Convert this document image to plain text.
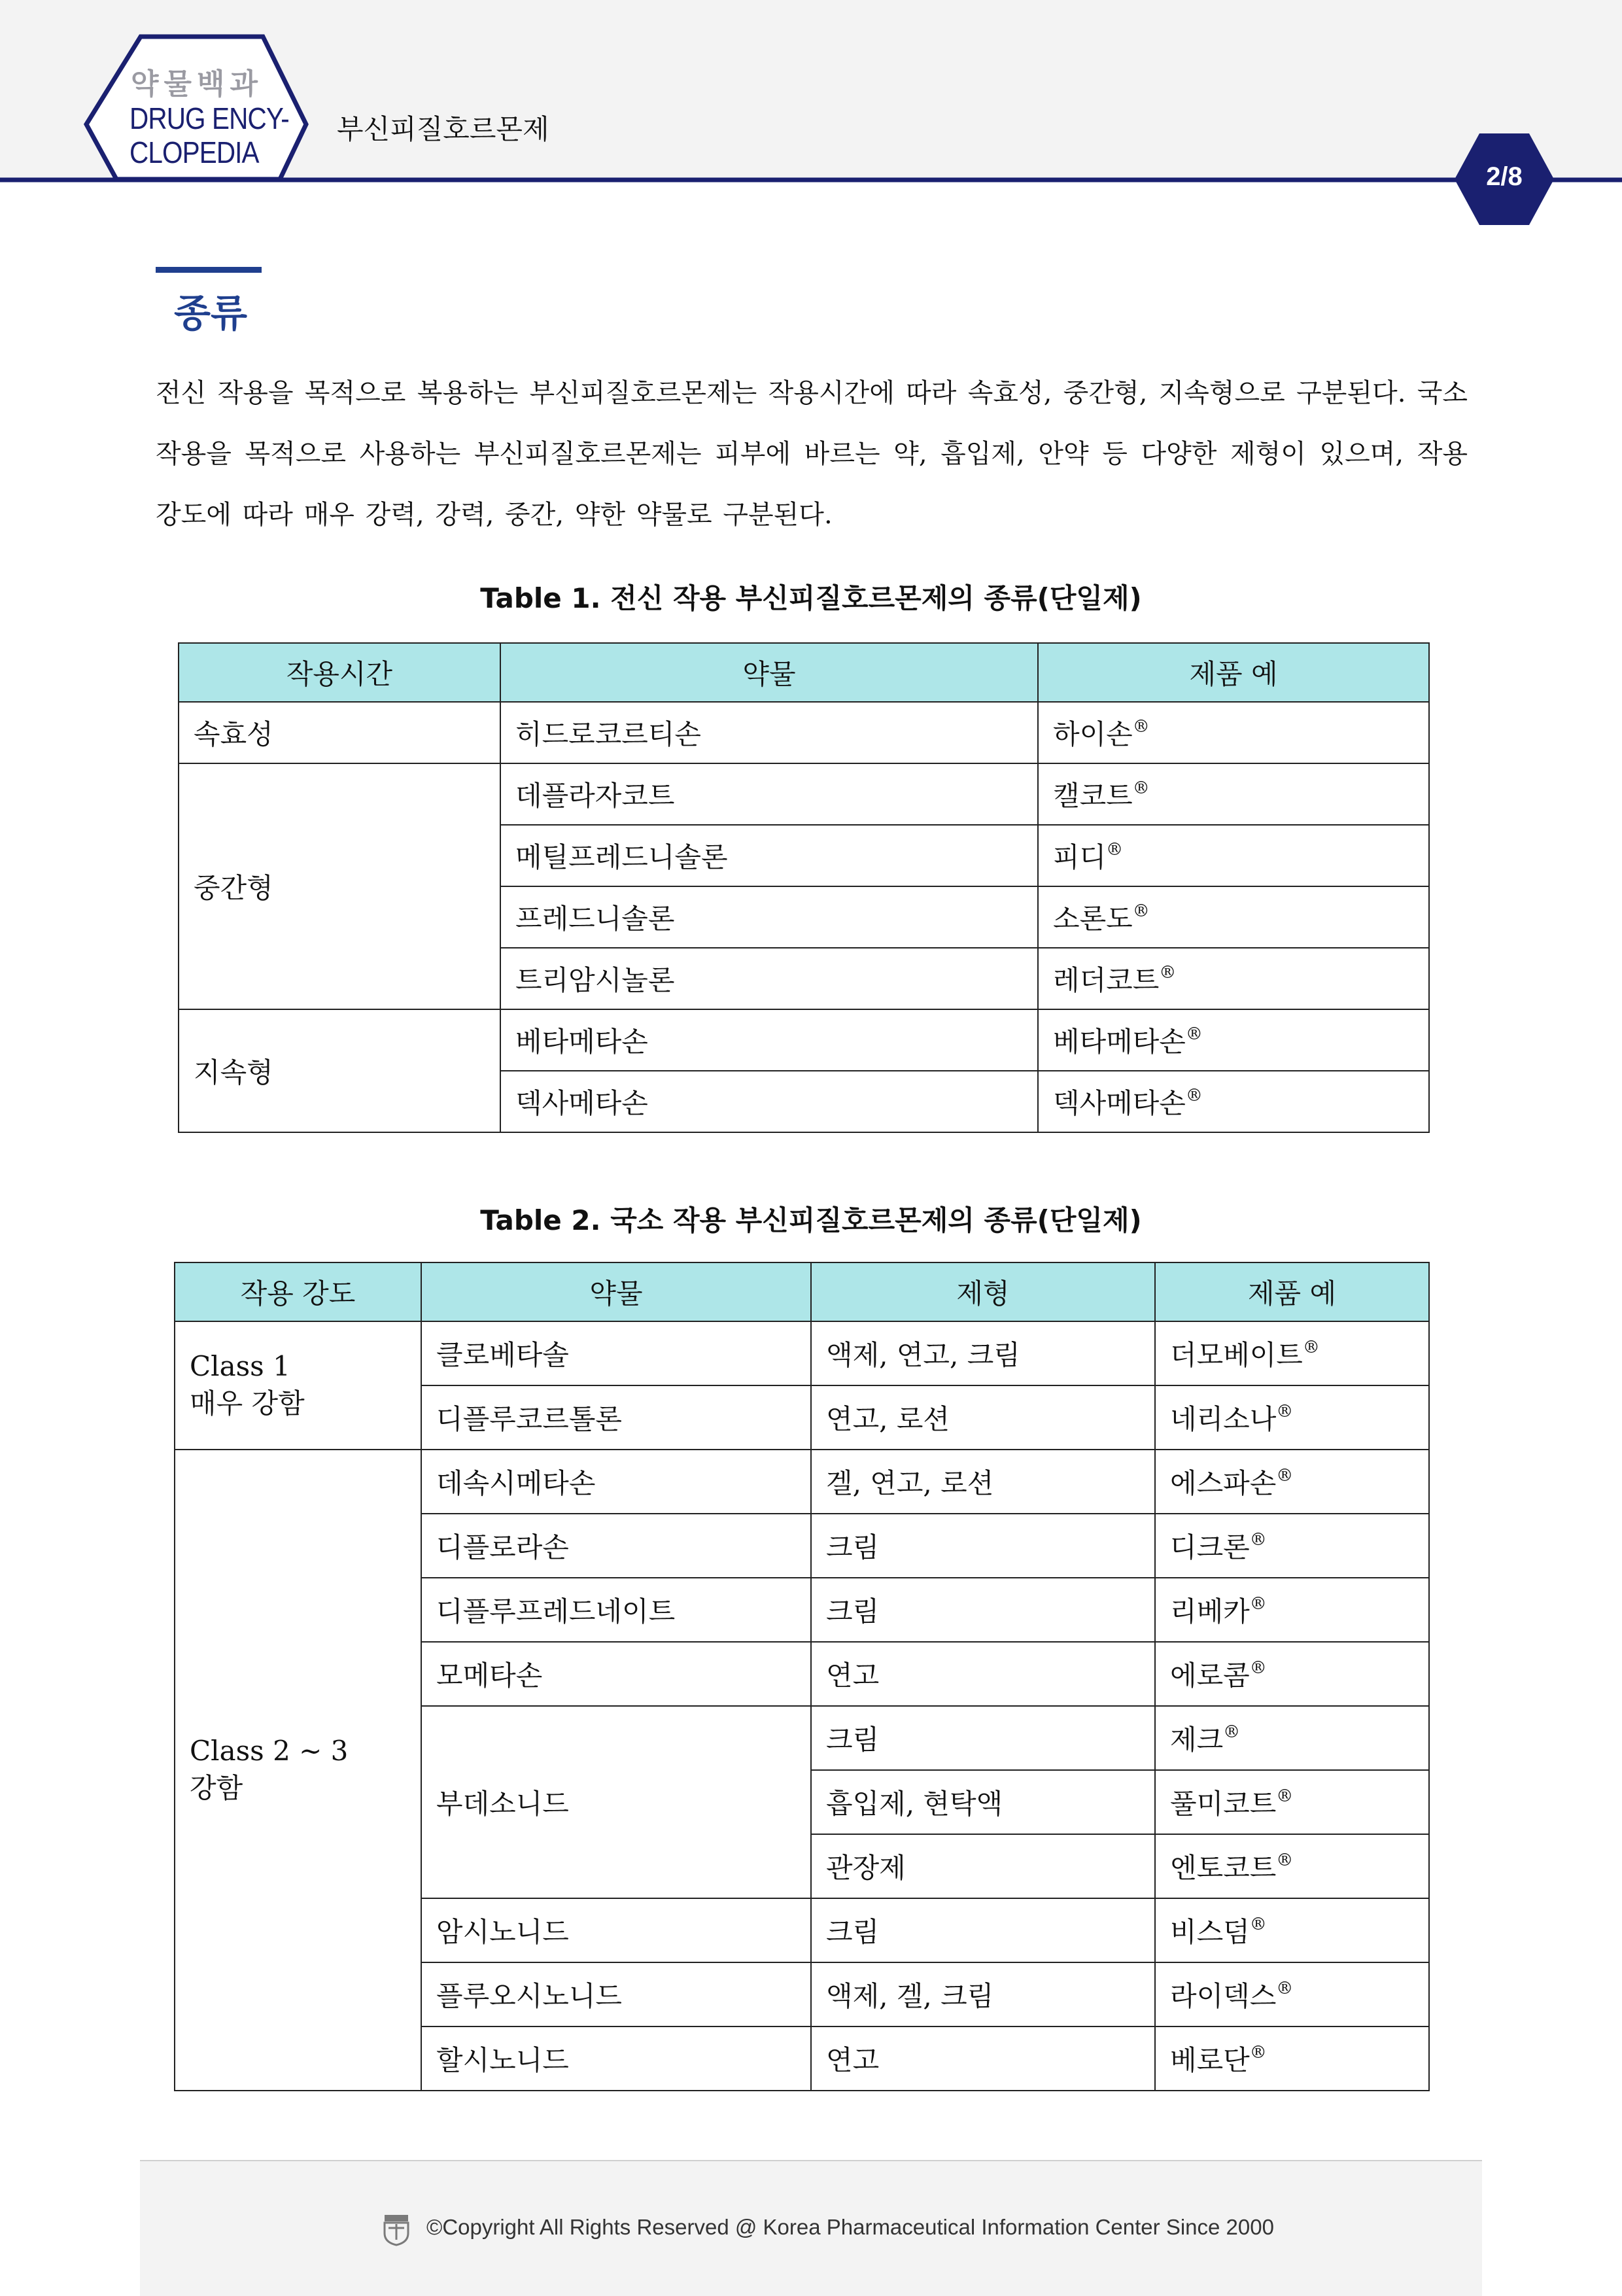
약물백과
DRUG ENCY-
CLOPEDIA
부신피질호르몬제
2/8
종류
전신 작용을 목적으로 복용하는 부신피질호르몬제는 작용시간에 따라 속효성, 중간형, 지속형으로 구분된다. 국소 작용을 목적으로 사용하는 부신피질호르몬제는 피부에 바르는 약, 흡입제, 안약 등 다양한 제형이 있으며, 작용 강도에 따라 매우 강력, 강력, 중간, 약한 약물로 구분된다.
Table 1. 전신 작용 부신피질호르몬제의 종류(단일제)
작용시간	약물	제품 예
속효성	히드로코르티손	하이손®
중간형	데플라자코트	캘코트®
	메틸프레드니솔론	피디®
	프레드니솔론	소론도®
	트리암시놀론	레더코트®
지속형	베타메타손	베타메타손®
	덱사메타손	덱사메타손®
Table 2. 국소 작용 부신피질호르몬제의 종류(단일제)
작용 강도	약물	제형	제품 예

Class 1
매우 강함	클로베타솔	액제, 연고, 크림	더모베이트®
	디플루코르톨론	연고, 로션	네리소나®

Class 2 ~ 3
강함	데속시메타손	겔, 연고, 로션	에스파손®
	디플로라손	크림	디크론®
	디플루프레드네이트	크림	리베카®
	모메타손	연고	에로콤®
	부데소니드	크림	제크®
		흡입제, 현탁액	풀미코트®
		관장제	엔토코트®
	암시노니드	크림	비스덤®
	플루오시노니드	액제, 겔, 크림	라이덱스®
	할시노니드	연고	베로단®
©Copyright All Rights Reserved @ Korea Pharmaceutical Information Center Since 2000
